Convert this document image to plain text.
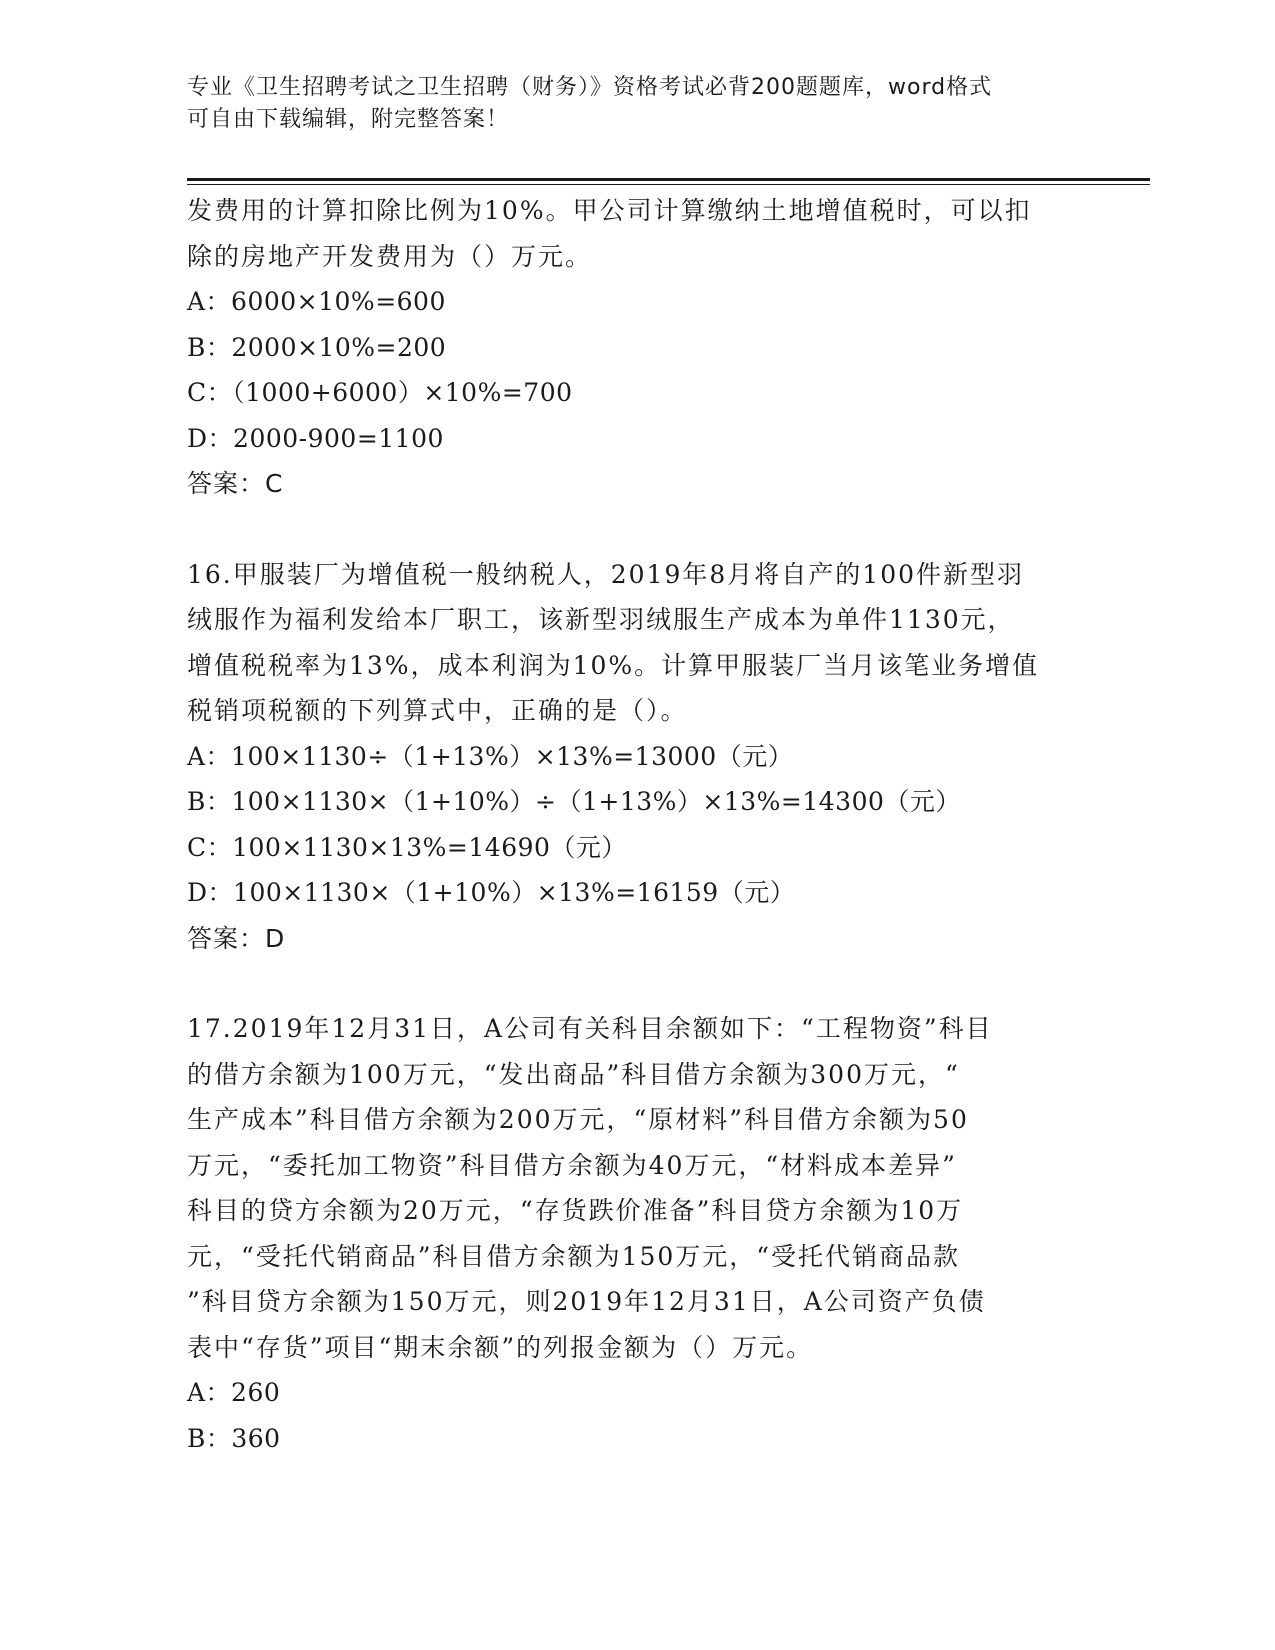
专业《卫生招聘考试之卫生招聘（财务）》资格考试必背200题题库，word格式

可自由下载编辑，附完整答案！

发费用的计算扣除比例为10%。甲公司计算缴纳土地增值税时，可以扣
除的房地产开发费用为（）万元。

A：6000×10%=600

B：2000×10%=200

C：（1000+6000）×10%=700

D：2000-900=1100

答案：C

16.甲服装厂为增值税一般纳税人，2019年8月将自产的100件新型羽
绒服作为福利发给本厂职工，该新型羽绒服生产成本为单件1130元，
增值税税率为13%，成本利润为10%。计算甲服装厂当月该笔业务增值
税销项税额的下列算式中，正确的是（）。

A：100×1130÷（1+13%）×13%=13000（元）

B：100×1130×（1+10%）÷（1+13%）×13%=14300（元）

C：100×1130×13%=14690（元）

D：100×1130×（1+10%）×13%=16159（元）

答案：D

17.2019年12月31日，A公司有关科目余额如下：“工程物资”科目
的借方余额为100万元，“发出商品”科目借方余额为300万元，“
生产成本”科目借方余额为200万元，“原材料”科目借方余额为50
万元，“委托加工物资”科目借方余额为40万元，“材料成本差异”
科目的贷方余额为20万元，“存货跌价准备”科目贷方余额为10万
元，“受托代销商品”科目借方余额为150万元，“受托代销商品款
”科目贷方余额为150万元，则2019年12月31日，A公司资产负债
表中“存货”项目“期末余额”的列报金额为（）万元。

A：260

B：360
